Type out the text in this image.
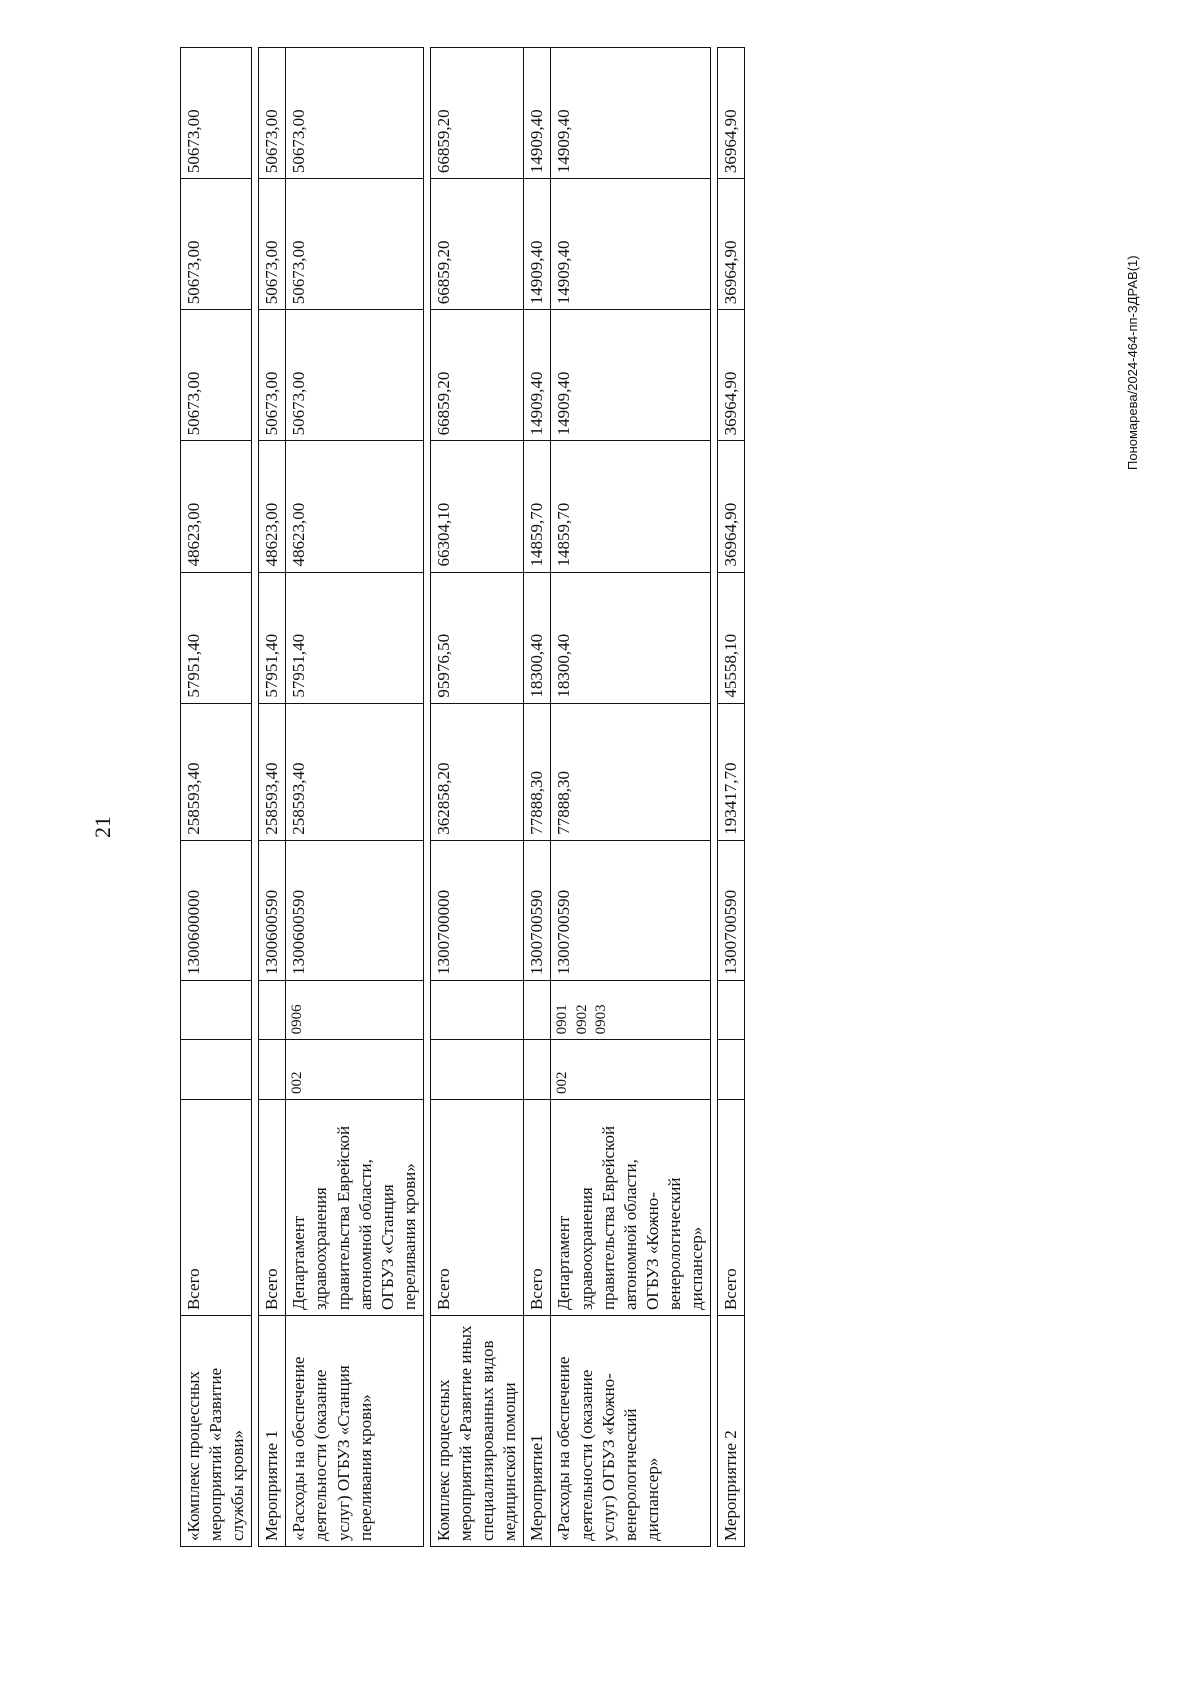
21
«Комплекс процессных мероприятий «Развитие службы крови»	Всего			1300600000	258593,40	57951,40	48623,00	50673,00	50673,00	50673,00

Мероприятие 1	Всего			1300600590	258593,40	57951,40	48623,00	50673,00	50673,00	50673,00
«Расходы на обеспечение деятельности (оказание услуг) ОГБУЗ «Станция переливания крови»	Департамент здравоохранения правительства Еврейской автономной области, ОГБУЗ «Станция переливания крови»	002	0906	1300600590	258593,40	57951,40	48623,00	50673,00	50673,00	50673,00

Комплекс процессных мероприятий «Развитие иных специализированных видов медицинской помощи	Всего			1300700000	362858,20	95976,50	66304,10	66859,20	66859,20	66859,20
Мероприятие1	Всего			1300700590	77888,30	18300,40	14859,70	14909,40	14909,40	14909,40
«Расходы на обеспечение деятельности (оказание услуг) ОГБУЗ «Кожно-венерологический диспансер»	Департамент здравоохранения правительства Еврейской автономной области, ОГБУЗ «Кожно-венерологический диспансер»	002	0901 0902 0903	1300700590	77888,30	18300,40	14859,70	14909,40	14909,40	14909,40

Мероприятие 2	Всего			1300700590	193417,70	45558,10	36964,90	36964,90	36964,90	36964,90
Пономарева/2024-464-пп-ЗДРАВ(1)
